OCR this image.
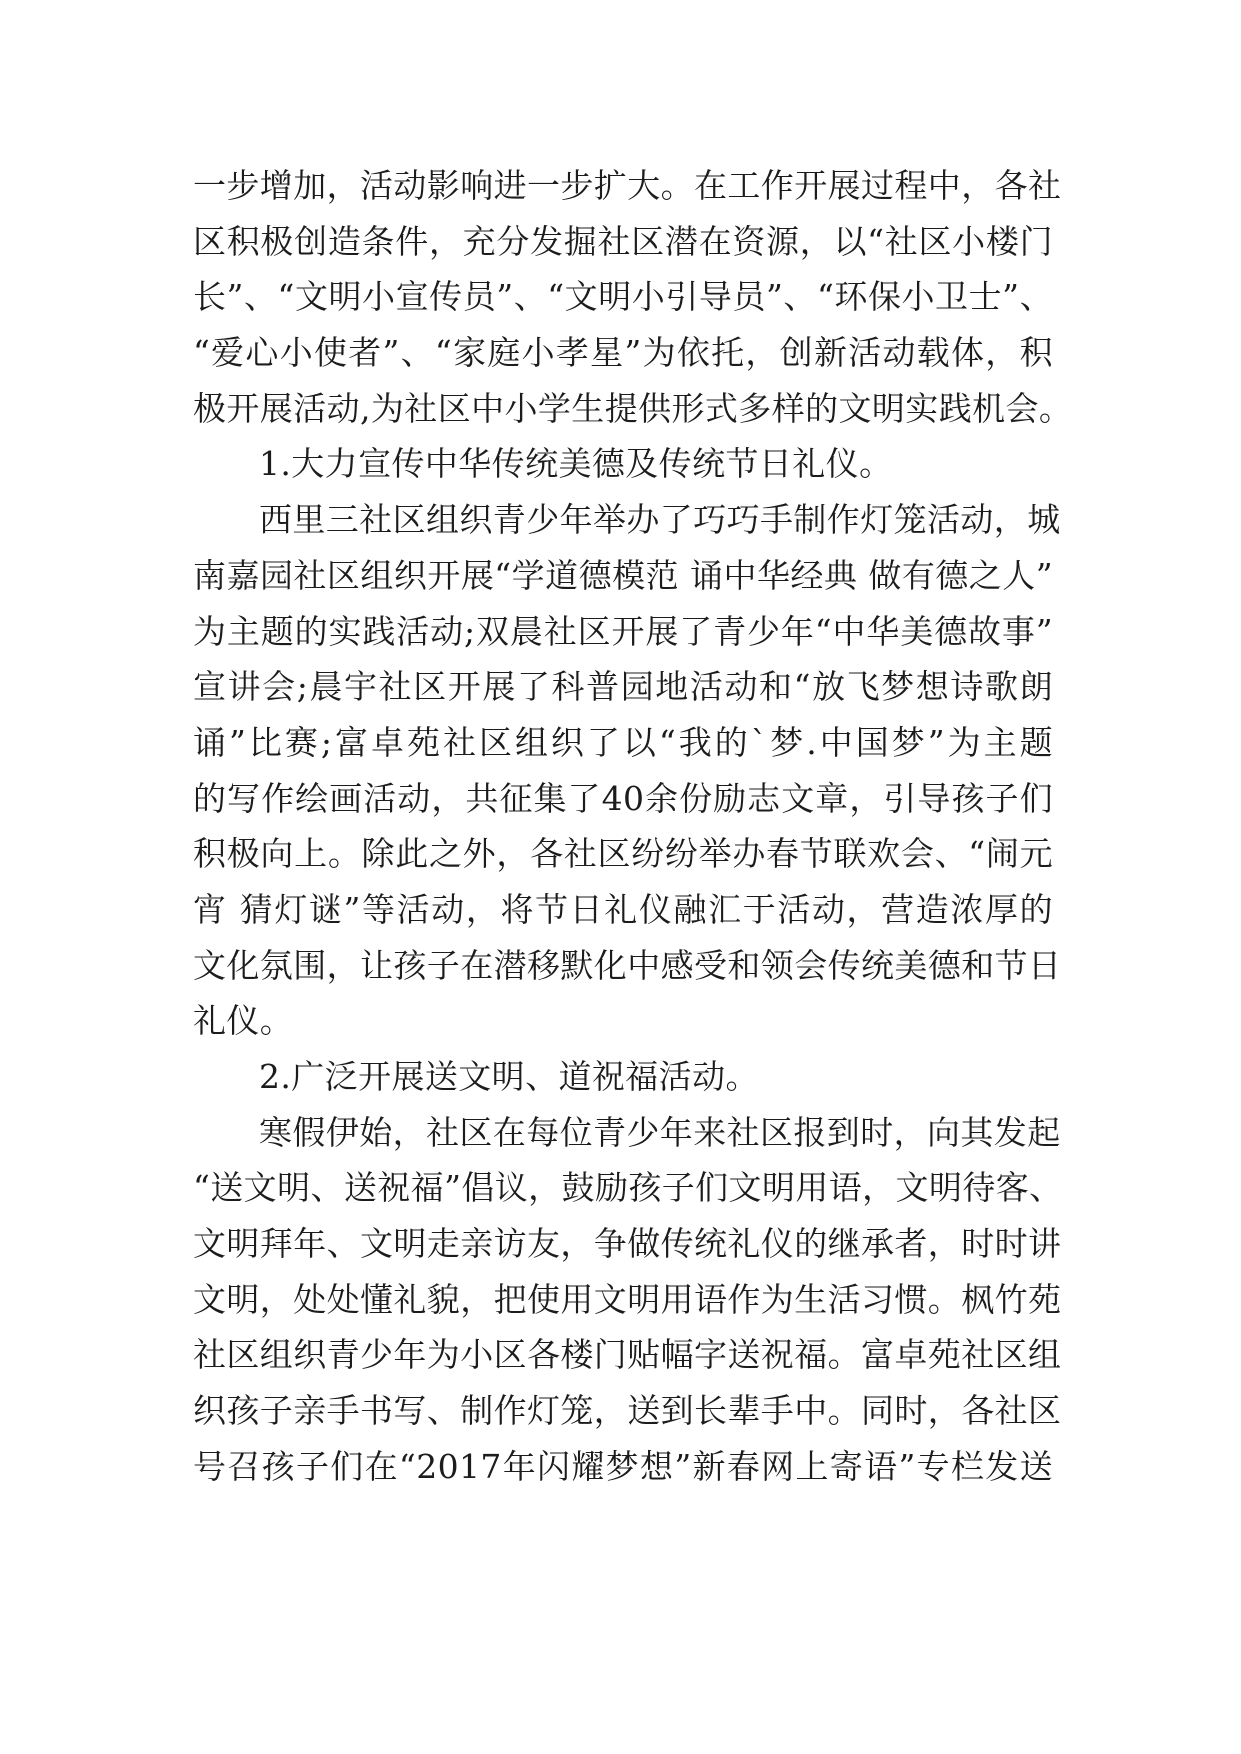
一步增加，活动影响进一步扩大。在工作开展过程中，各社
区积极创造条件，充分发掘社区潜在资源，以“社区小楼门
长”、“文明小宣传员”、“文明小引导员”、“环保小卫士”、
“爱心小使者”、“家庭小孝星”为依托，创新活动载体，积
极开展活动,为社区中小学生提供形式多样的文明实践机会。
1.大力宣传中华传统美德及传统节日礼仪。
西里三社区组织青少年举办了巧巧手制作灯笼活动，城
南嘉园社区组织开展“学道德模范 诵中华经典 做有德之人”
为主题的实践活动;双晨社区开展了青少年“中华美德故事”
宣讲会;晨宇社区开展了科普园地活动和“放飞梦想诗歌朗
诵”比赛;富卓苑社区组织了以“我的`梦.中国梦”为主题
的写作绘画活动，共征集了40余份励志文章，引导孩子们
积极向上。除此之外，各社区纷纷举办春节联欢会、“闹元
宵 猜灯谜”等活动，将节日礼仪融汇于活动，营造浓厚的
文化氛围，让孩子在潜移默化中感受和领会传统美德和节日
礼仪。
2.广泛开展送文明、道祝福活动。
寒假伊始，社区在每位青少年来社区报到时，向其发起
“送文明、送祝福”倡议，鼓励孩子们文明用语，文明待客、
文明拜年、文明走亲访友，争做传统礼仪的继承者，时时讲
文明，处处懂礼貌，把使用文明用语作为生活习惯。枫竹苑
社区组织青少年为小区各楼门贴幅字送祝福。富卓苑社区组
织孩子亲手书写、制作灯笼，送到长辈手中。同时，各社区
号召孩子们在“2017年闪耀梦想”新春网上寄语”专栏发送
